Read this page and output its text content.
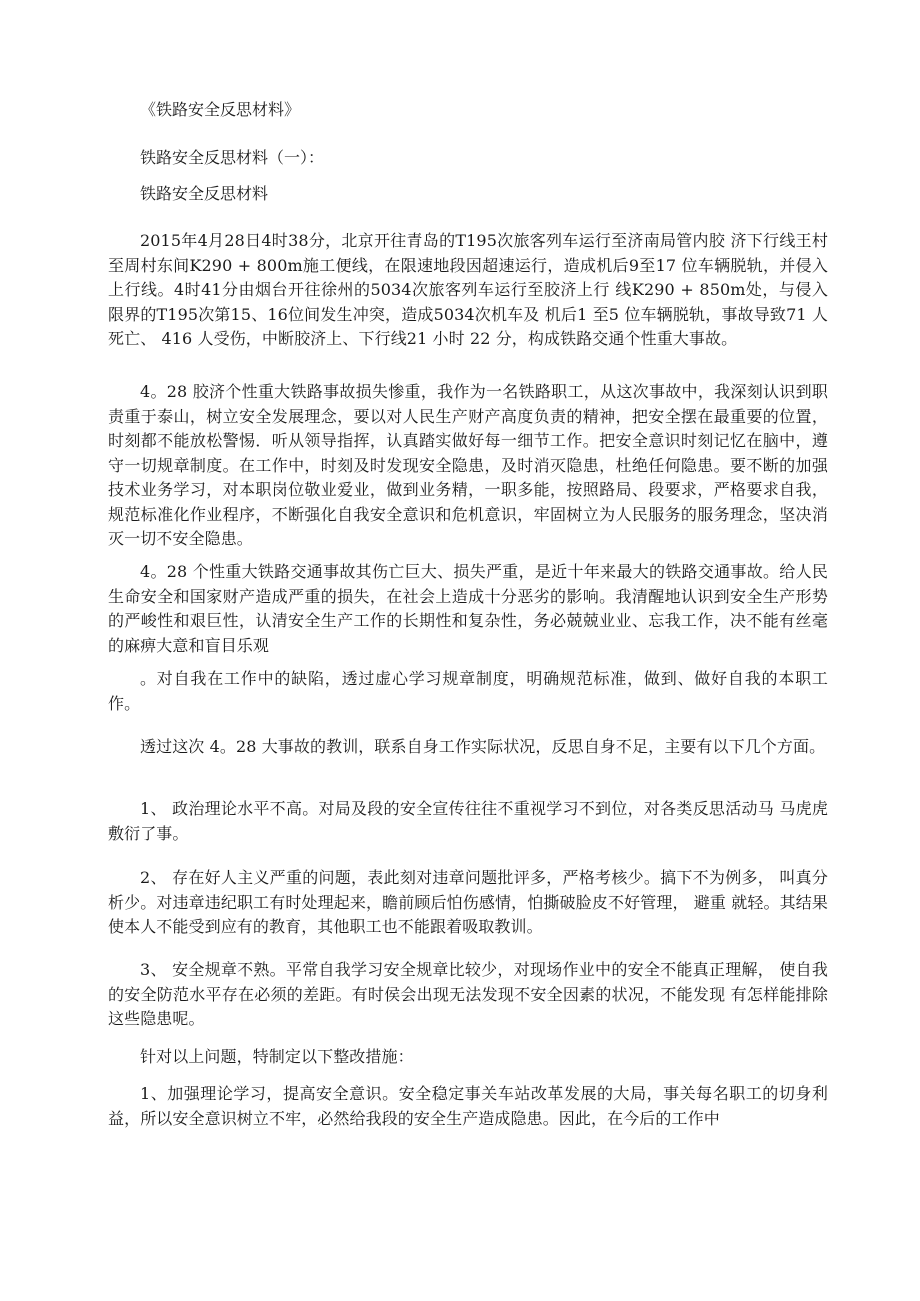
《铁路安全反思材料》
铁路安全反思材料（一）：
铁路安全反思材料
2015年4月28日4时38分，北京开往青岛的T195次旅客列车运行至济南局管内胶 济下行线王村至周村东间K290 + 800m施工便线，在限速地段因超速运行，造成机后9至17 位车辆脱轨，并侵入上行线。4时41分由烟台开往徐州的5034次旅客列车运行至胶济上行 线K290 + 850m处，与侵入限界的T195次第15、16位间发生冲突，造成5034次机车及 机后1 至5 位车辆脱轨，事故导致71 人死亡、 416 人受伤，中断胶济上、下行线21 小时 22 分，构成铁路交通个性重大事故。
4。28 胶济个性重大铁路事故损失惨重，我作为一名铁路职工，从这次事故中，我深刻认识到职责重于泰山，树立安全发展理念，要以对人民生产财产高度负责的精神，把安全摆在最重要的位置，时刻都不能放松警惕．听从领导指挥，认真踏实做好每一细节工作。把安全意识时刻记忆在脑中，遵守一切规章制度。在工作中，时刻及时发现安全隐患，及时消灭隐患，杜绝任何隐患。要不断的加强技术业务学习，对本职岗位敬业爱业，做到业务精，一职多能，按照路局、段要求，严格要求自我，规范标准化作业程序，不断强化自我安全意识和危机意识，牢固树立为人民服务的服务理念，坚决消灭一切不安全隐患。
4。28 个性重大铁路交通事故其伤亡巨大、损失严重，是近十年来最大的铁路交通事故。给人民生命安全和国家财产造成严重的损失，在社会上造成十分恶劣的影响。我清醒地认识到安全生产形势的严峻性和艰巨性，认清安全生产工作的长期性和复杂性，务必兢兢业业、忘我工作，决不能有丝毫的麻痹大意和盲目乐观
。对自我在工作中的缺陷，透过虚心学习规章制度，明确规范标准，做到、做好自我的本职工作。
透过这次 4。28 大事故的教训，联系自身工作实际状况，反思自身不足，主要有以下几个方面。
1、 政治理论水平不高。对局及段的安全宣传往往不重视学习不到位，对各类反思活动马 马虎虎敷衍了事。
2、 存在好人主义严重的问题，表此刻对违章问题批评多，严格考核少。搞下不为例多， 叫真分析少。对违章违纪职工有时处理起来，瞻前顾后怕伤感情，怕撕破脸皮不好管理， 避重 就轻。其结果使本人不能受到应有的教育，其他职工也不能跟着吸取教训。
3、 安全规章不熟。平常自我学习安全规章比较少，对现场作业中的安全不能真正理解， 使自我的安全防范水平存在必须的差距。有时侯会出现无法发现不安全因素的状况，不能发现 有怎样能排除这些隐患呢。
针对以上问题，特制定以下整改措施：
1、加强理论学习，提高安全意识。安全稳定事关车站改革发展的大局，事关每名职工的切身利益，所以安全意识树立不牢，必然给我段的安全生产造成隐患。因此，在今后的工作中
